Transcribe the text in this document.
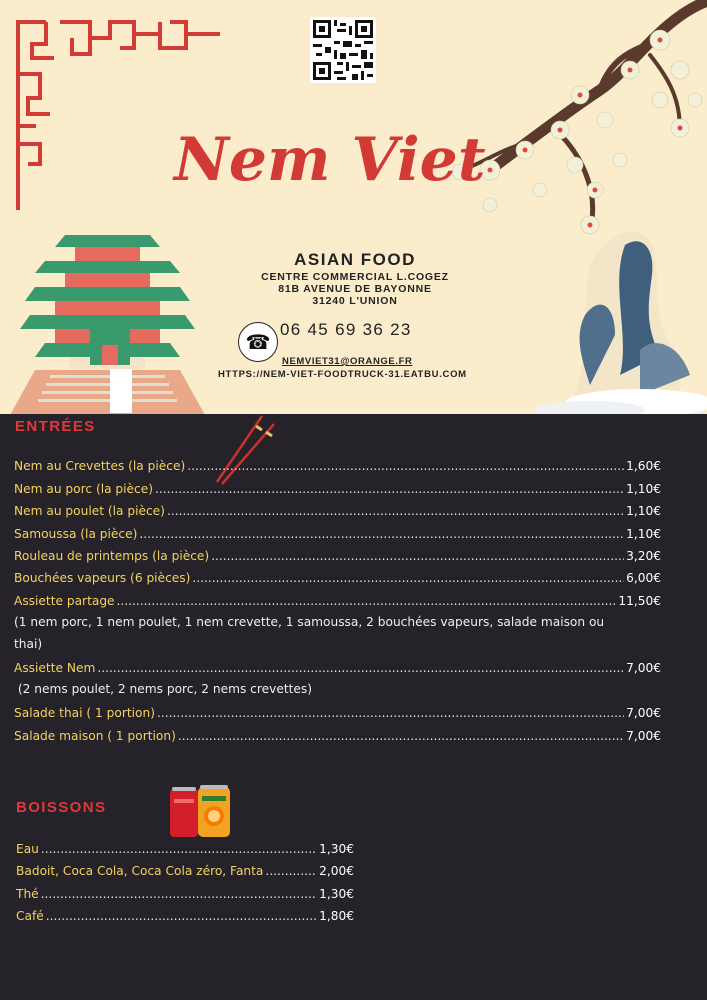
Nem Viet
ASIAN FOOD
CENTRE COMMERCIAL L.COGEZ
81B AVENUE DE BAYONNE
31240 L'UNION
☎
06 45 69 36 23
NEMVIET31@ORANGE.FR
HTTPS://NEM-VIET-FOODTRUCK-31.EATBU.COM
ENTRÉES
Nem au Crevettes (la pièce) .....	1,60€
Nem au porc (la pièce) .....	1,10€
Nem au poulet (la pièce) .....	1,10€
Samoussa (la pièce) .....	1,10€
Rouleau de printemps (la pièce) .....	3,20€
Bouchées vapeurs (6 pièces) .....	6,00€
Assiette partage .....	11,50€
(1 nem porc, 1 nem poulet, 1 nem crevette, 1 samoussa, 2 bouchées vapeurs, salade maison ou thai)
Assiette Nem .....	7,00€
(2 nems poulet, 2 nems porc, 2 nems crevettes)
Salade thai ( 1 portion) .....	7,00€
Salade maison ( 1 portion) .....	7,00€
BOISSONS
Eau .....	1,30€
Badoit, Coca Cola, Coca Cola zéro, Fanta .....	2,00€
Thé .....	1,30€
Café .....	1,80€
